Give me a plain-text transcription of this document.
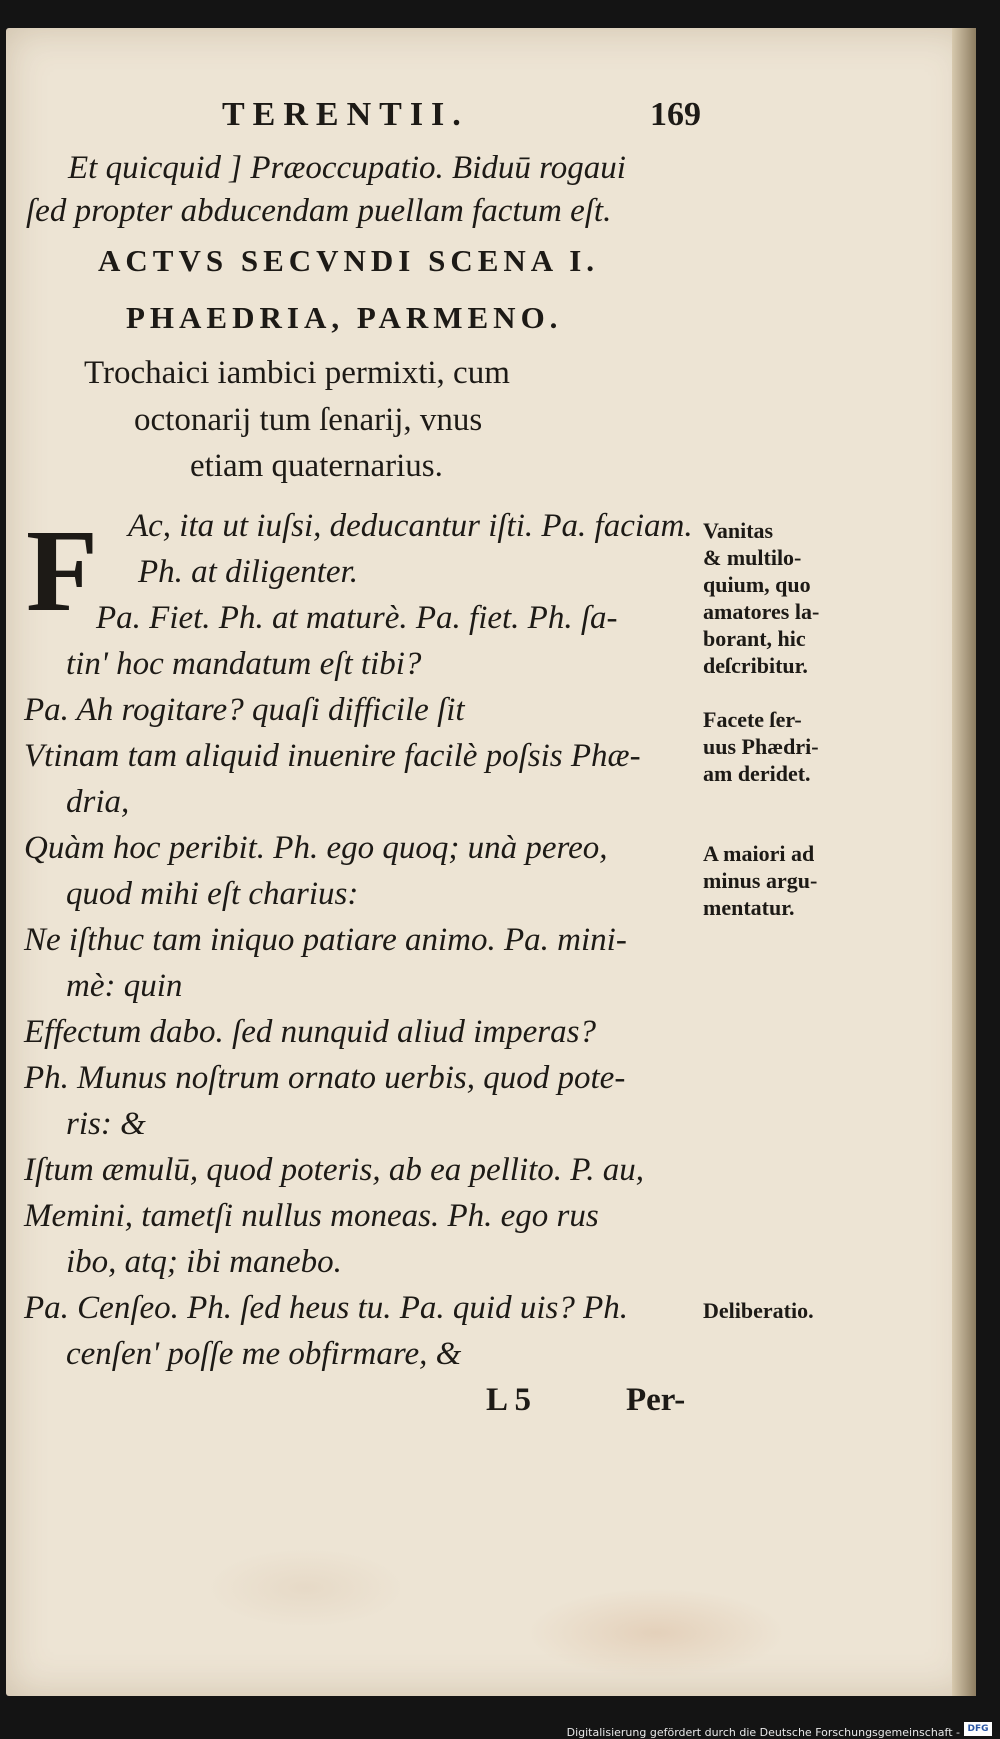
TERENTII.	169
Et quicquid ] Præoccupatio. Biduū rogaui
ſed propter abducendam puellam factum eſt.
ACTVS SECVNDI SCENA I.
PHAEDRIA, PARMENO.
Trochaici iambici permixti, cum
octonarij tum ſenarij, vnus
etiam quaternarius.
F Ac, ita ut iuſsi, deducantur iſti. Pa. faciam.
Ph. at diligenter.
Pa. Fiet. Ph. at maturè. Pa. fiet. Ph. ſa-
tin' hoc mandatum eſt tibi?
Pa. Ah rogitare? quaſi difficile ſit
Vtinam tam aliquid inuenire facilè poſsis Phæ-
dria,
Quàm hoc peribit. Ph. ego quoq; unà pereo,
quod mihi eſt charius:
Ne iſthuc tam iniquo patiare animo. Pa. mini-
mè: quin
Effectum dabo. ſed nunquid aliud imperas?
Ph. Munus noſtrum ornato uerbis, quod pote-
ris: &
Iſtum æmulū, quod poteris, ab ea pellito. P. au,
Memini, tametſi nullus moneas. Ph. ego rus
ibo, atq; ibi manebo.
Pa. Cenſeo. Ph. ſed heus tu. Pa. quid uis? Ph.
cenſen' poſſe me obfirmare, &
L 5	Per-
Vanitas
& multilo-
quium, quo
amatores la-
borant, hic
deſcribitur.
Facete ſer-
uus Phædri-
am deridet.
A maiori ad
minus argu-
mentatur.
Deliberatio.
Digitalisierung gefördert durch die Deutsche Forschungsgemeinschaft - DFG
